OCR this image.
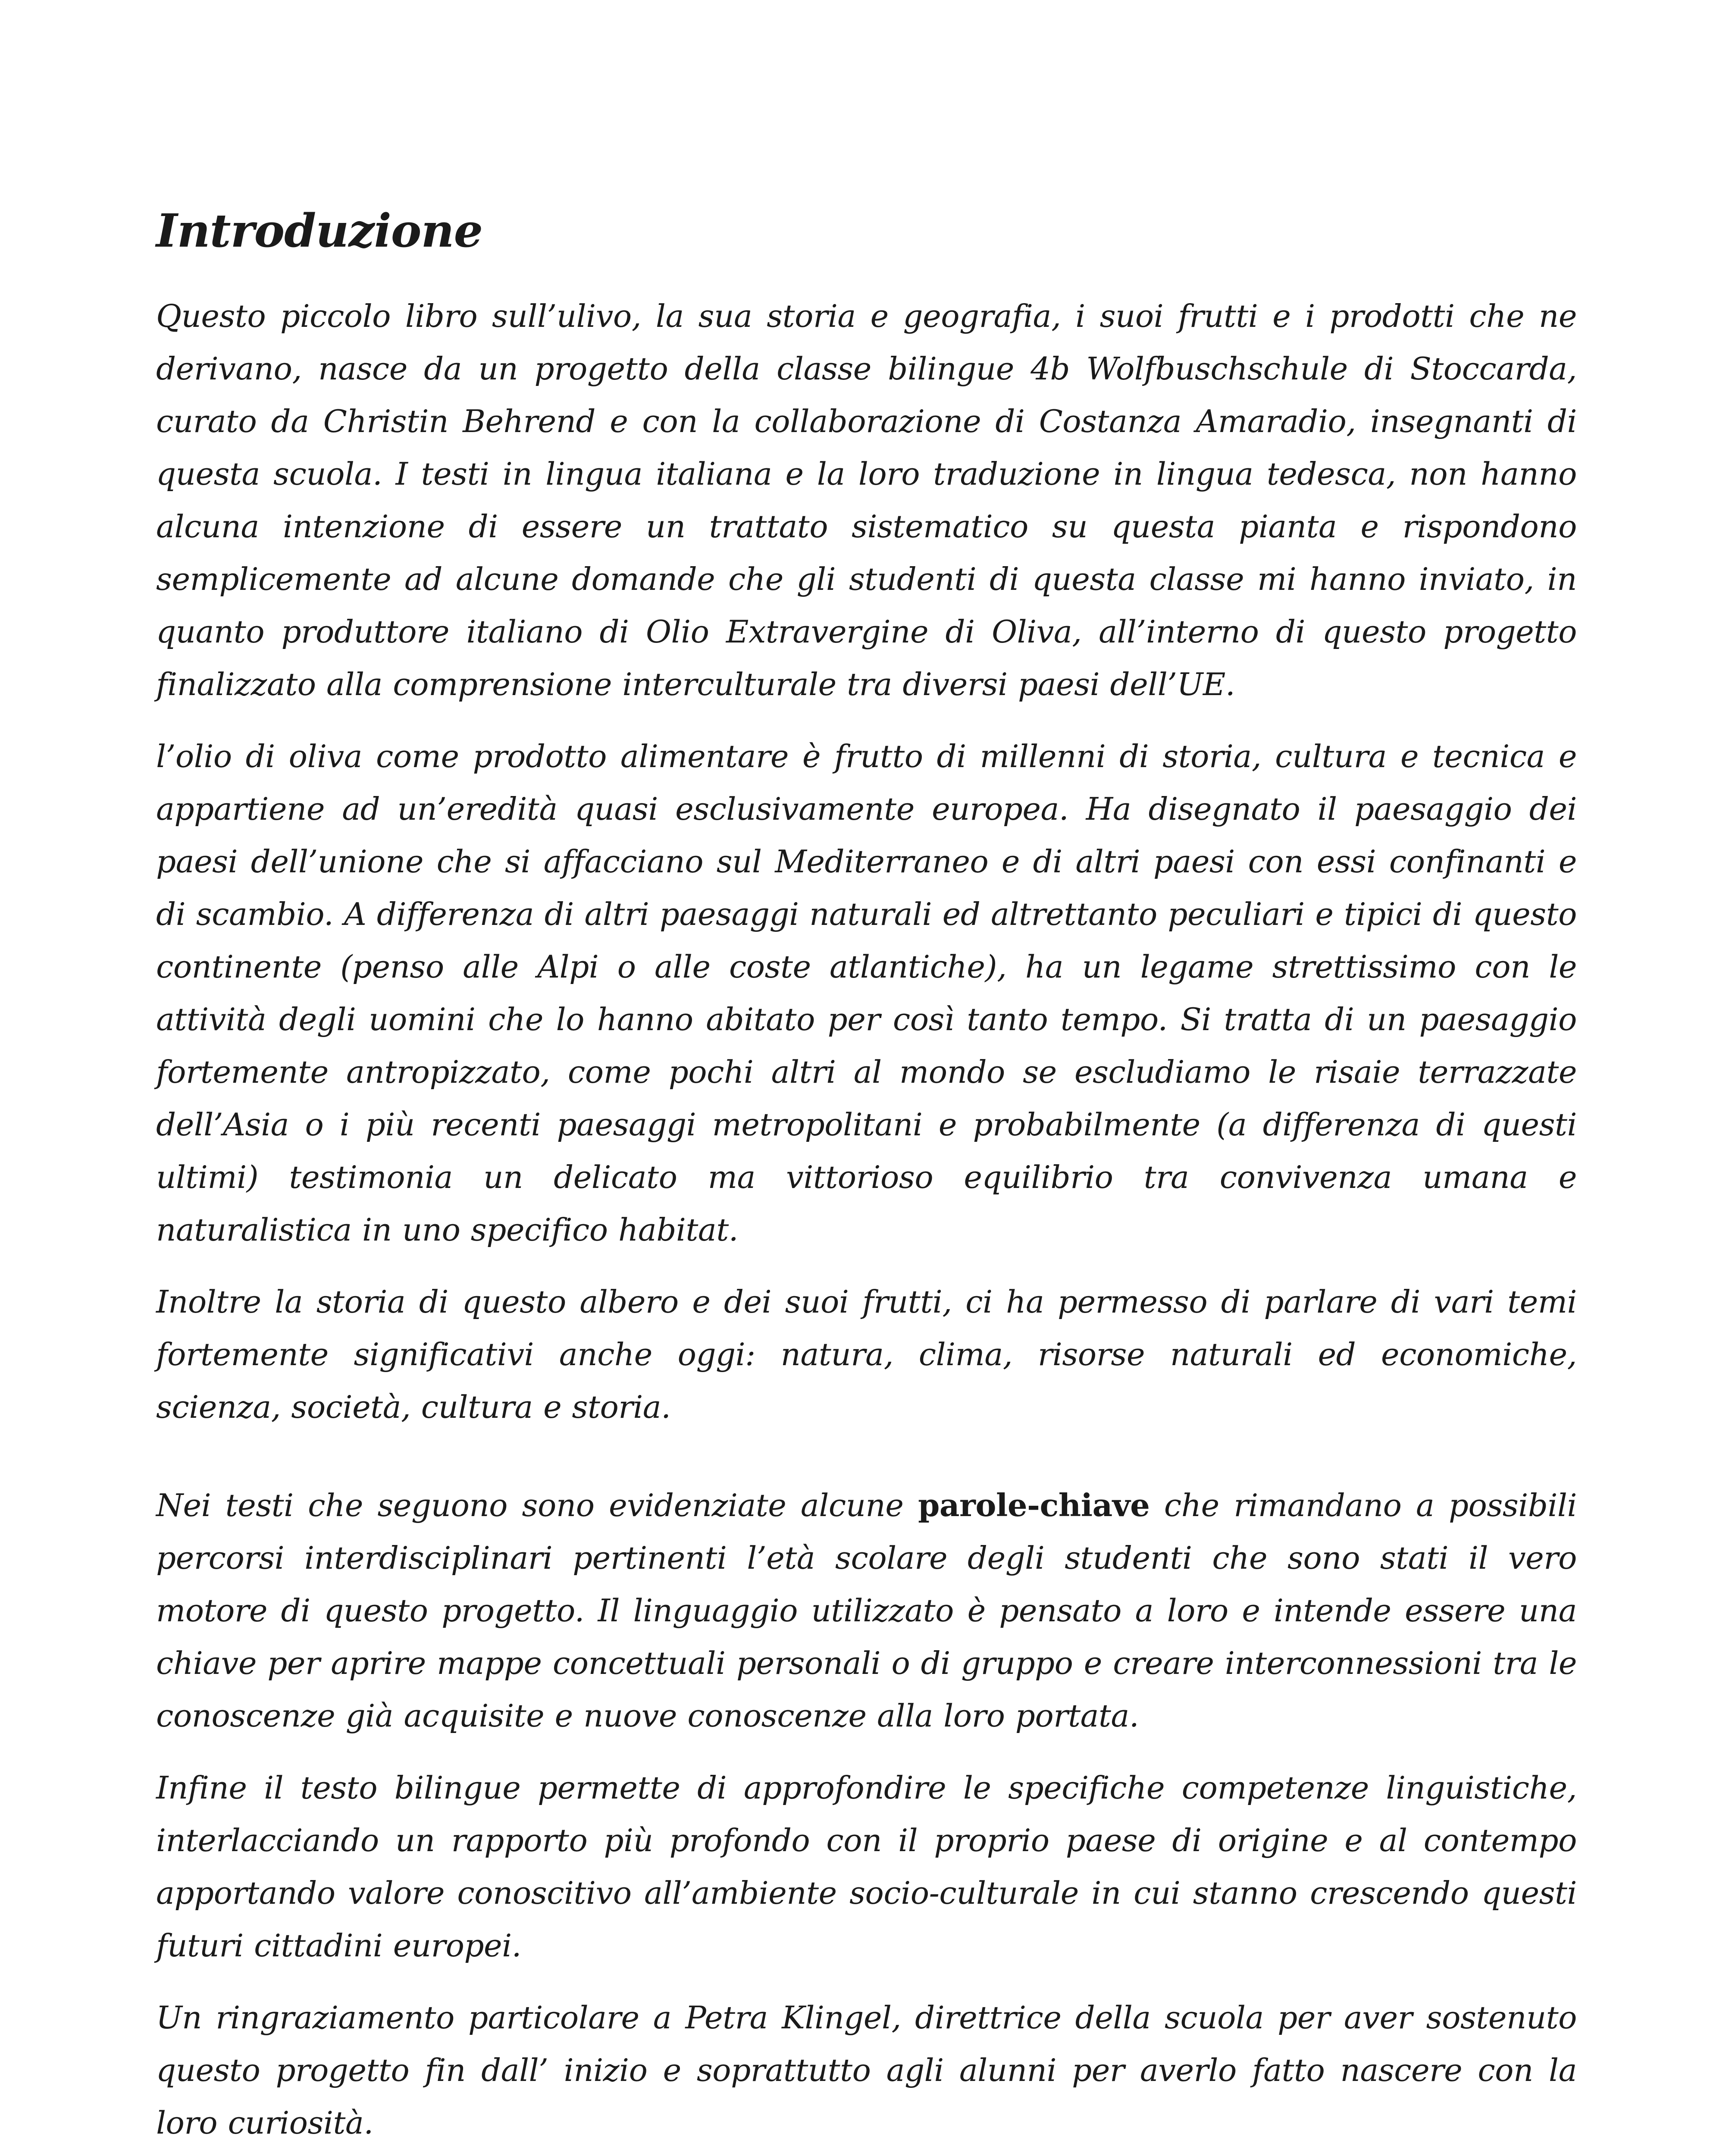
Introduzione

Questo piccolo libro sull’ulivo, la sua storia e geografia, i suoi frutti e i prodotti che ne derivano, nasce da un progetto della classe bilingue 4b Wolfbuschschule di Stoccarda, curato da Christin Behrend e con la collaborazione di Costanza Amaradio, insegnanti di questa scuola. I testi in lingua italiana e la loro traduzione in lingua tedesca, non hanno alcuna intenzione di essere un trattato sistematico su questa pianta e rispondono semplicemente ad alcune domande che gli studenti di questa classe mi hanno inviato, in quanto produttore italiano di Olio Extravergine di Oliva, all’interno di questo progetto finalizzato alla comprensione interculturale tra diversi paesi dell’UE.

l’olio di oliva come prodotto alimentare è frutto di millenni di storia, cultura e tecnica e appartiene ad un’eredità quasi esclusivamente europea. Ha disegnato il paesaggio dei paesi dell’unione che si affacciano sul Mediterraneo e di altri paesi con essi confinanti e di scambio. A differenza di altri paesaggi naturali ed altrettanto peculiari e tipici di questo continente (penso alle Alpi o alle coste atlantiche), ha un legame strettissimo con le attività degli uomini che lo hanno abitato per così tanto tempo. Si tratta di un paesaggio fortemente antropizzato, come pochi altri al mondo se escludiamo le risaie terrazzate dell’Asia o i più recenti paesaggi metropolitani e probabilmente (a differenza di questi ultimi) testimonia un delicato ma vittorioso equilibrio tra convivenza umana e naturalistica in uno specifico habitat.

Inoltre la storia di questo albero e dei suoi frutti, ci ha permesso di parlare di vari temi fortemente significativi anche oggi: natura, clima, risorse naturali ed economiche, scienza, società, cultura e storia.

Nei testi che seguono sono evidenziate alcune parole-chiave che rimandano a possibili percorsi interdisciplinari pertinenti l’età scolare degli studenti che sono stati il vero motore di questo progetto. Il linguaggio utilizzato è pensato a loro e intende essere una chiave per aprire mappe concettuali personali o di gruppo e creare interconnessioni tra le conoscenze già acquisite e nuove conoscenze alla loro portata.

Infine il testo bilingue permette di approfondire le specifiche competenze linguistiche, interlacciando un rapporto più profondo con il proprio paese di origine e al contempo apportando valore conoscitivo all’ambiente socio-culturale in cui stanno crescendo questi futuri cittadini europei.

Un ringraziamento particolare a Petra Klingel, direttrice della scuola per aver sostenuto questo progetto fin dall’ inizio e soprattutto agli alunni per averlo fatto nascere con la loro curiosità.
